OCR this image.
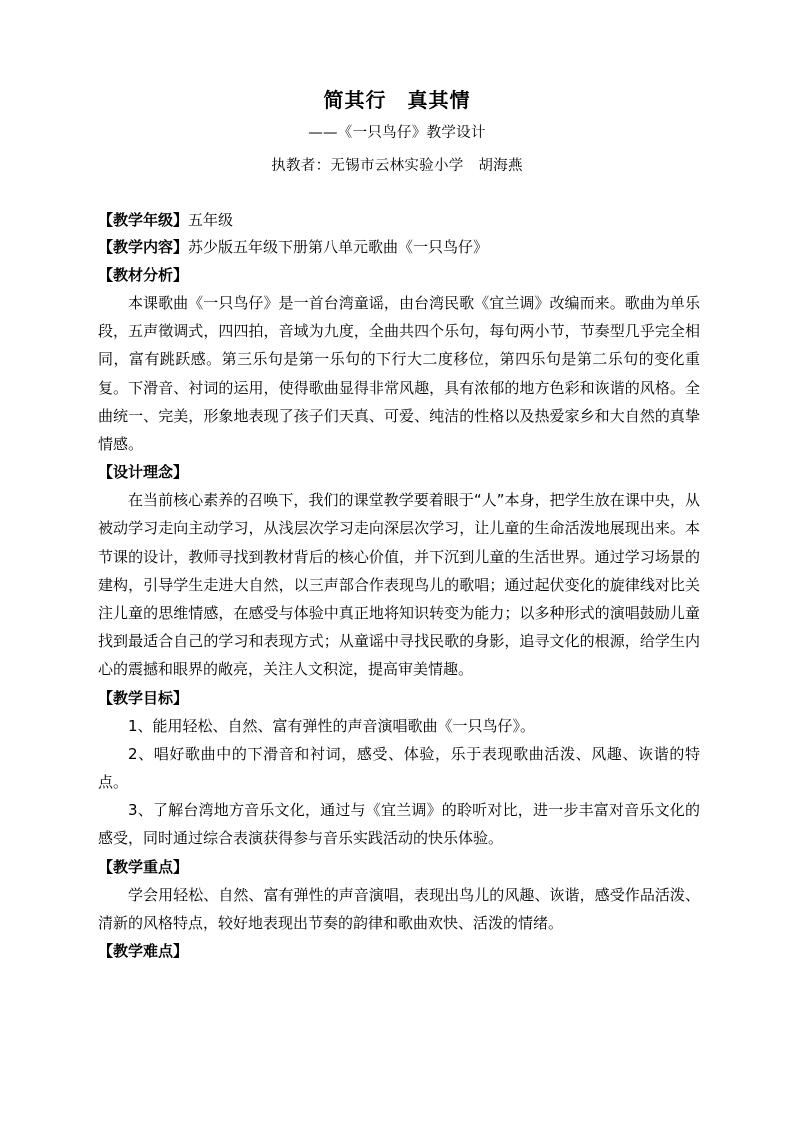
简其行　真其情
——《一只鸟仔》教学设计
执教者：无锡市云林实验小学　胡海燕

【教学年级】五年级

【教学内容】苏少版五年级下册第八单元歌曲《一只鸟仔》

【教材分析】

本课歌曲《一只鸟仔》是一首台湾童谣，由台湾民歌《宜兰调》改编而来。歌曲为单乐段，五声徵调式，四四拍，音域为九度，全曲共四个乐句，每句两小节，节奏型几乎完全相同，富有跳跃感。第三乐句是第一乐句的下行大二度移位，第四乐句是第二乐句的变化重复。下滑音、衬词的运用，使得歌曲显得非常风趣，具有浓郁的地方色彩和诙谐的风格。全曲统一、完美，形象地表现了孩子们天真、可爱、纯洁的性格以及热爱家乡和大自然的真挚情感。

【设计理念】

在当前核心素养的召唤下，我们的课堂教学要着眼于“人”本身，把学生放在课中央，从被动学习走向主动学习，从浅层次学习走向深层次学习，让儿童的生命活泼地展现出来。本节课的设计，教师寻找到教材背后的核心价值，并下沉到儿童的生活世界。通过学习场景的建构，引导学生走进大自然，以三声部合作表现鸟儿的歌唱；通过起伏变化的旋律线对比关注儿童的思维情感，在感受与体验中真正地将知识转变为能力；以多种形式的演唱鼓励儿童找到最适合自己的学习和表现方式；从童谣中寻找民歌的身影，追寻文化的根源，给学生内心的震撼和眼界的敞亮，关注人文积淀，提高审美情趣。

【教学目标】

1、能用轻松、自然、富有弹性的声音演唱歌曲《一只鸟仔》。

2、唱好歌曲中的下滑音和衬词，感受、体验，乐于表现歌曲活泼、风趣、诙谐的特点。

3、了解台湾地方音乐文化，通过与《宜兰调》的聆听对比，进一步丰富对音乐文化的感受，同时通过综合表演获得参与音乐实践活动的快乐体验。

【教学重点】

学会用轻松、自然、富有弹性的声音演唱，表现出鸟儿的风趣、诙谐，感受作品活泼、清新的风格特点，较好地表现出节奏的韵律和歌曲欢快、活泼的情绪。

【教学难点】
